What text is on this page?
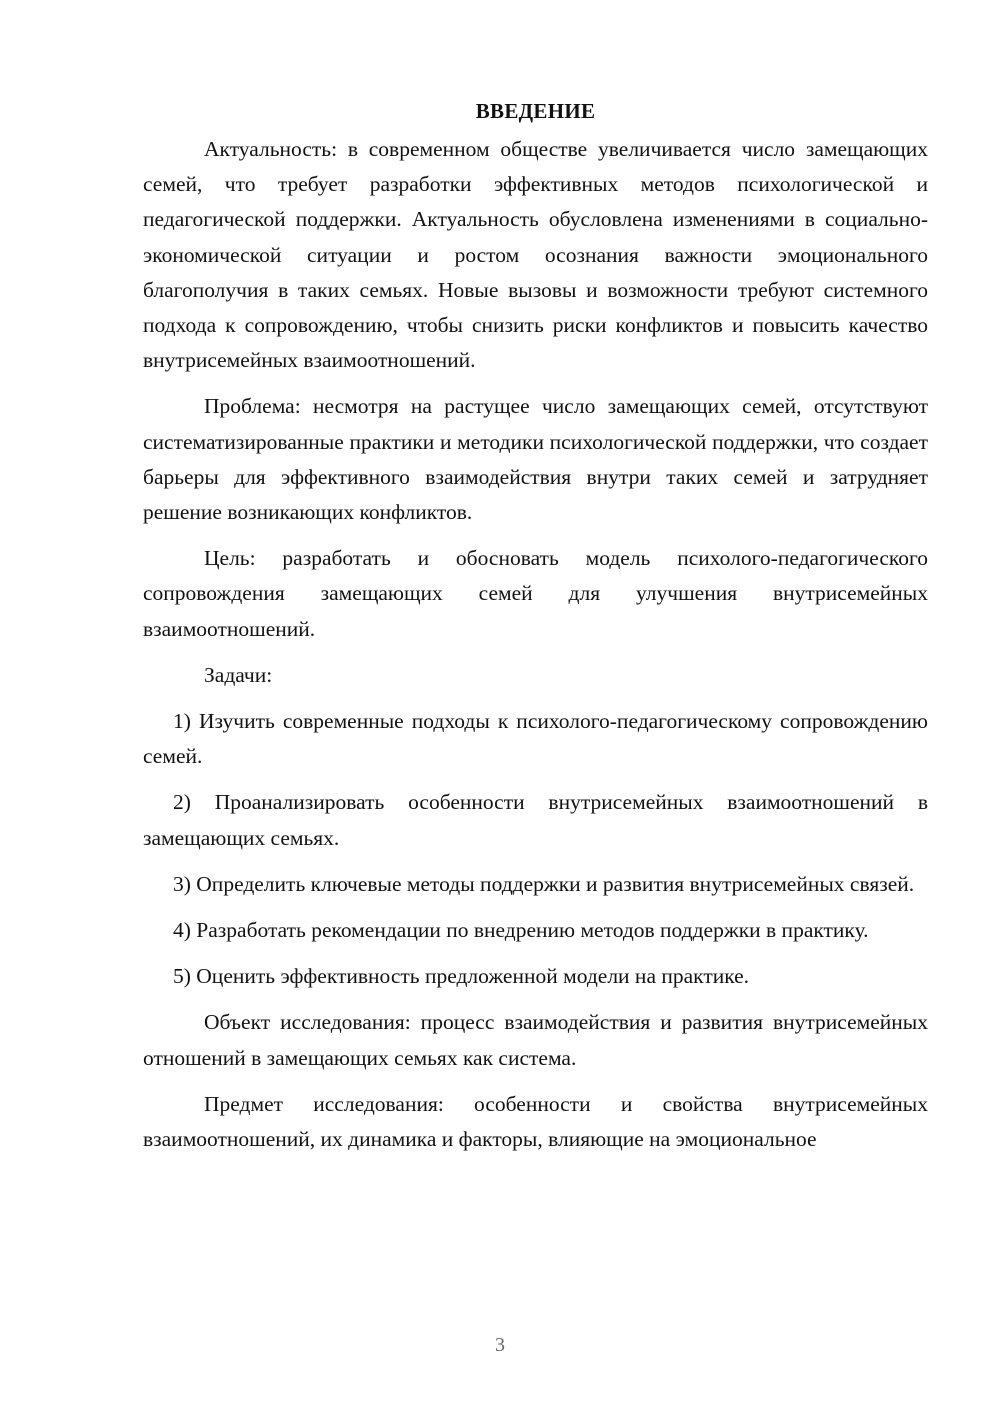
ВВЕДЕНИЕ

Актуальность: в современном обществе увеличивается число замещающих семей, что требует разработки эффективных методов психологической и педагогической поддержки. Актуальность обусловлена изменениями в социально-экономической ситуации и ростом осознания важности эмоционального благополучия в таких семьях. Новые вызовы и возможности требуют системного подхода к сопровождению, чтобы снизить риски конфликтов и повысить качество внутрисемейных взаимоотношений.

Проблема: несмотря на растущее число замещающих семей, отсутствуют систематизированные практики и методики психологической поддержки, что создает барьеры для эффективного взаимодействия внутри таких семей и затрудняет решение возникающих конфликтов.

Цель: разработать и обосновать модель психолого-педагогического сопровождения замещающих семей для улучшения внутрисемейных взаимоотношений.

Задачи:

1) Изучить современные подходы к психолого-педагогическому сопровождению семей.

2) Проанализировать особенности внутрисемейных взаимоотношений в замещающих семьях.

3) Определить ключевые методы поддержки и развития внутрисемейных связей.

4) Разработать рекомендации по внедрению методов поддержки в практику.

5) Оценить эффективность предложенной модели на практике.

Объект исследования: процесс взаимодействия и развития внутрисемейных отношений в замещающих семьях как система.

Предмет исследования: особенности и свойства внутрисемейных взаимоотношений, их динамика и факторы, влияющие на эмоциональное

3
